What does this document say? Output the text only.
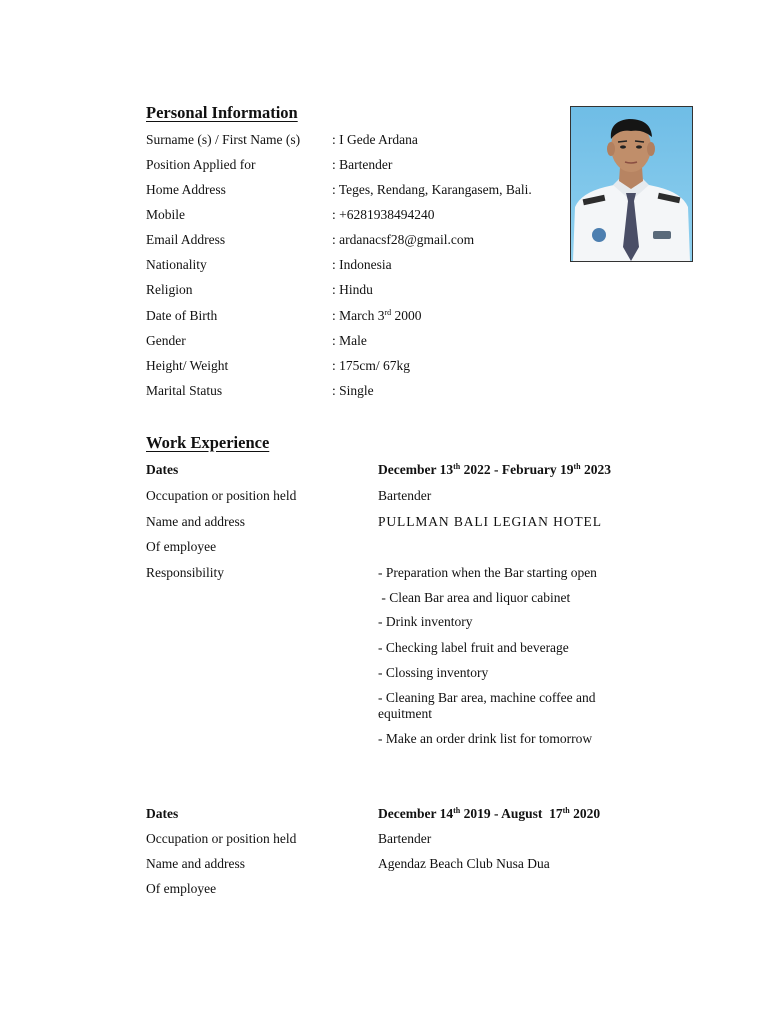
Personal Information
Surname (s) / First Name (s) : I Gede Ardana
Position Applied for	: Bartender
Home Address	: Teges, Rendang, Karangasem, Bali.
Mobile	: +6281938494240
Email Address	: ardanacsf28@gmail.com
Nationality	: Indonesia
Religion	: Hindu
Date of Birth	: March 3rd 2000
Gender	: Male
Height/ Weight	: 175cm/ 67kg
Marital Status	: Single
Work Experience
Dates	December 13th 2022 - February 19th 2023
Occupation or position held	Bartender
Name and address	PULLMAN BALI LEGIAN HOTEL
Of employee
Responsibility	- Preparation when the Bar starting open
- Clean Bar area and liquor cabinet
- Drink inventory
- Checking label fruit and beverage
- Clossing inventory
- Cleaning Bar area, machine coffee and equitment
- Make an order drink list for tomorrow
Dates	December 14th 2019 - August  17th 2020
Occupation or position held	Bartender
Name and address	Agendaz Beach Club Nusa Dua
Of employee
